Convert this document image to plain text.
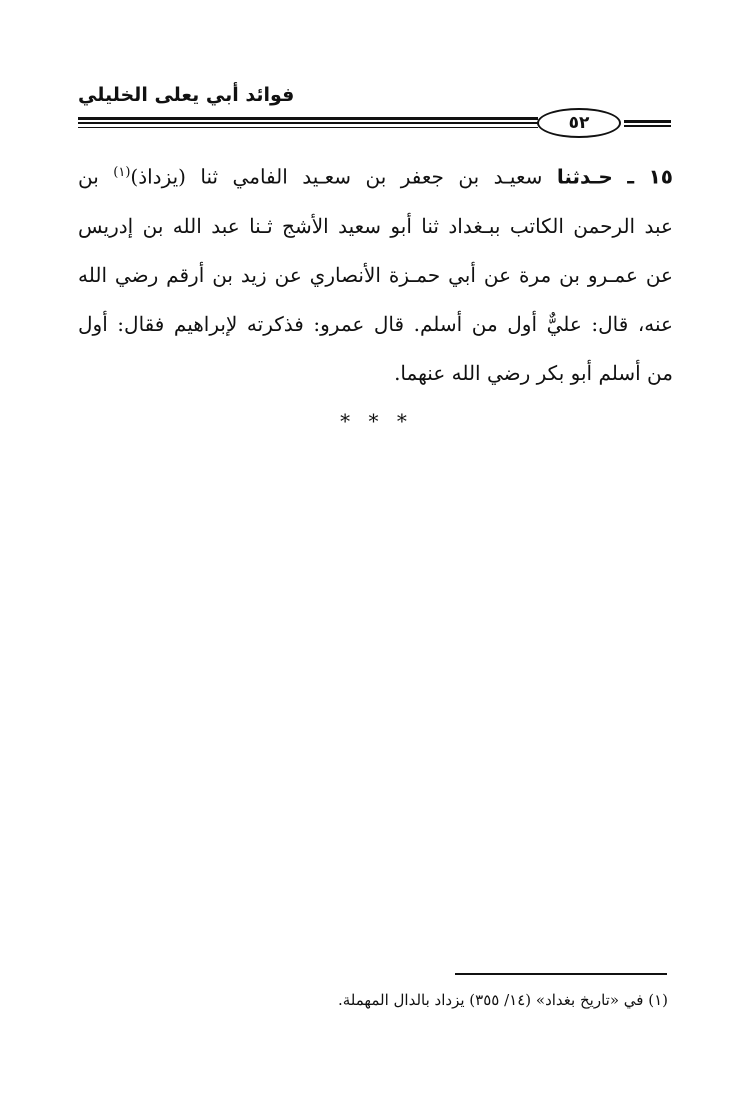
فوائد أبي يعلى الخليلي
٥٢
١٥ ـ حـدثنا سعيـد بن جعفر بن سعـيد الفامي ثنا (يزداذ)$^{(١)}$ بن
عبد الرحمن الكاتب ببـغداد ثنا أبو سعيد الأشج ثـنا عبد الله بن إدريس
عن عمـرو بن مرة عن أبي حمـزة الأنصاري عن زيد بن أرقم رضي الله
عنه، قال: عليٌّ أول من أسلم. قال عمرو: فذكرته لإبراهيم فقال: أول
من أسلم أبو بكر رضي الله عنهما.
* * *
(١) في «تاريخ بغداد» (١٤/ ٣٥٥) يزداد بالدال المهملة.
